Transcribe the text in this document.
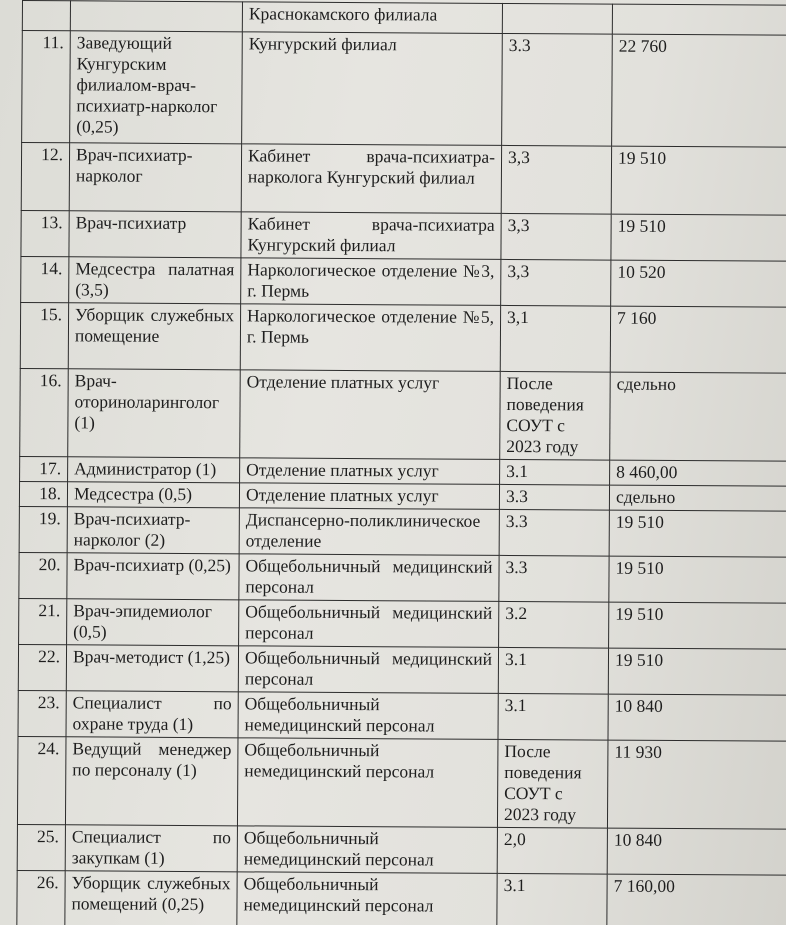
		Краснокамского филиала		
11.	Заведующий Кунгурским филиалом-врач-психиатр-нарколог (0,25)	Кунгурский филиал	3.3	22 760
12.	Врач-психиатр-нарколог	Кабинет врача-психиатра-нарколога Кунгурский филиал	3,3	19 510
13.	Врач-психиатр	Кабинет врача-психиатра Кунгурский филиал	3,3	19 510
14.	Медсестра палатная (3,5)	Наркологическое отделение №3, г. Пермь	3,3	10 520
15.	Уборщик служебных помещение	Наркологическое отделение №5, г. Пермь	3,1	7 160
16.	Врач-оториноларинголог (1)	Отделение платных услуг	После поведения СОУТ с 2023 году	сдельно
17.	Администратор (1)	Отделение платных услуг	3.1	8 460,00
18.	Медсестра (0,5)	Отделение платных услуг	3.3	сдельно
19.	Врач-психиатр-нарколог (2)	Диспансерно-поликлиническое отделение	3.3	19 510
20.	Врач-психиатр (0,25)	Общебольничный медицинский персонал	3.3	19 510
21.	Врач-эпидемиолог (0,5)	Общебольничный медицинский персонал	3.2	19 510
22.	Врач-методист (1,25)	Общебольничный медицинский персонал	3.1	19 510
23.	Специалист по охране труда (1)	Общебольничный немедицинский персонал	3.1	10 840
24.	Ведущий менеджер по персоналу (1)	Общебольничный немедицинский персонал	После поведения СОУТ с 2023 году	11 930
25.	Специалист по закупкам (1)	Общебольничный немедицинский персонал	2,0	10 840
26.	Уборщик служебных помещений (0,25)	Общебольничный немедицинский персонал	3.1	7 160,00
